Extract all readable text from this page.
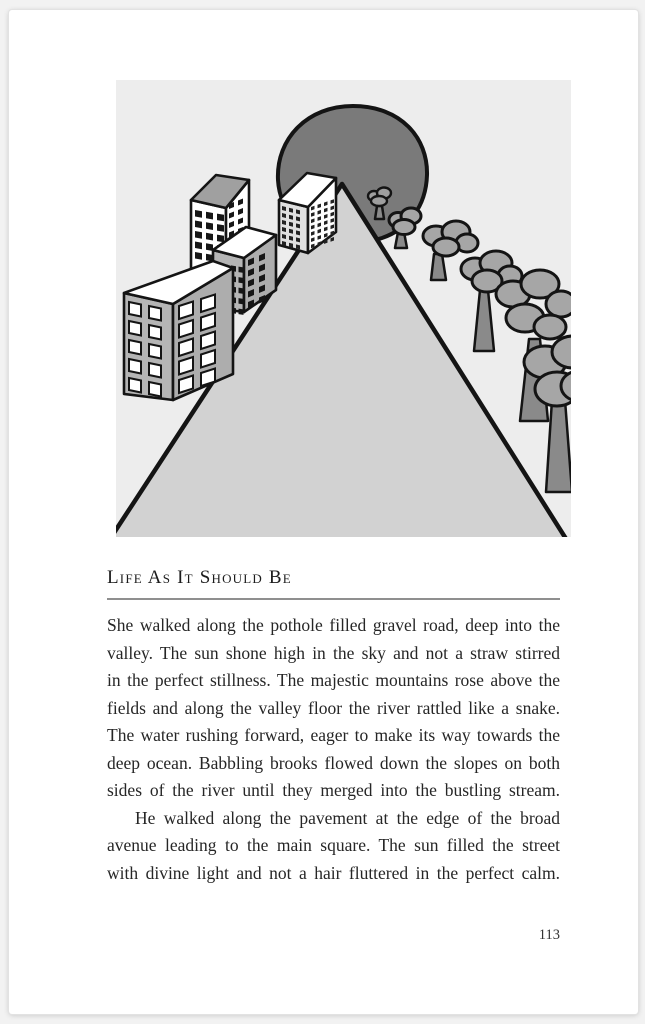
Life As It Should Be
She walked along the pothole filled gravel road, deep into the
valley. The sun shone high in the sky and not a straw stirred
in the perfect stillness. The majestic mountains rose above the
fields and along the valley floor the river rattled like a snake.
The water rushing forward, eager to make its way towards the
deep ocean. Babbling brooks flowed down the slopes on both
sides of the river until they merged into the bustling stream.
He walked along the pavement at the edge of the broad
avenue leading to the main square. The sun filled the street
with divine light and not a hair fluttered in the perfect calm.
113
